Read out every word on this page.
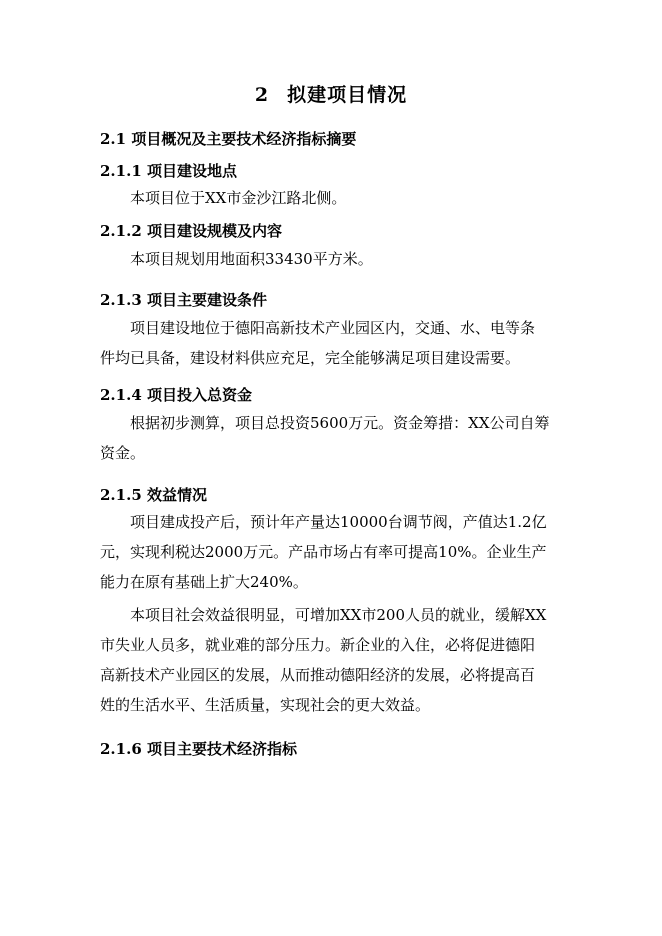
2 拟建项目情况
2.1 项目概况及主要技术经济指标摘要
2.1.1 项目建设地点
本项目位于XX市金沙江路北侧。
2.1.2 项目建设规模及内容
本项目规划用地面积33430平方米。
2.1.3 项目主要建设条件
项目建设地位于德阳高新技术产业园区内，交通、水、电等条
件均已具备，建设材料供应充足，完全能够满足项目建设需要。
2.1.4 项目投入总资金
根据初步测算，项目总投资5600万元。资金筹措：XX公司自筹
资金。
2.1.5 效益情况
项目建成投产后，预计年产量达10000台调节阀，产值达1.2亿
元，实现利税达2000万元。产品市场占有率可提高10%。企业生产
能力在原有基础上扩大240%。
本项目社会效益很明显，可增加XX市200人员的就业，缓解XX
市失业人员多，就业难的部分压力。新企业的入住，必将促进德阳
高新技术产业园区的发展，从而推动德阳经济的发展，必将提高百
姓的生活水平、生活质量，实现社会的更大效益。
2.1.6 项目主要技术经济指标
